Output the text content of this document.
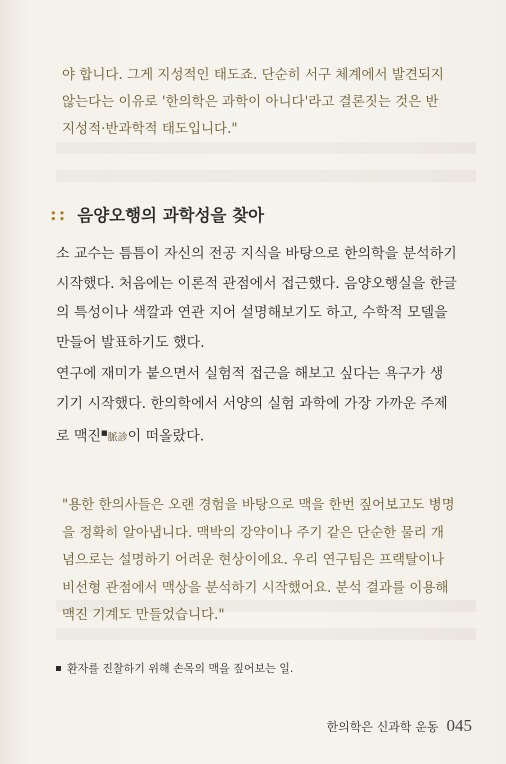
야 합니다. 그게 지성적인 태도죠. 단순히 서구 체계에서 발견되지
않는다는 이유로 '한의학은 과학이 아니다'라고 결론짓는 것은 반
지성적·반과학적 태도입니다."
:: 음양오행의 과학성을 찾아
소 교수는 틈틈이 자신의 전공 지식을 바탕으로 한의학을 분석하기
시작했다. 처음에는 이론적 관점에서 접근했다. 음양오행실을 한글
의 특성이나 색깔과 연관 지어 설명해보기도 하고, 수학적 모델을
만들어 발표하기도 했다.
연구에 재미가 붙으면서 실험적 접근을 해보고 싶다는 욕구가 생
기기 시작했다. 한의학에서 서양의 실험 과학에 가장 가까운 주제
로 맥진■脈診이 떠올랐다.
"용한 한의사들은 오랜 경험을 바탕으로 맥을 한번 짚어보고도 병명
을 정확히 알아냅니다. 맥박의 강약이나 주기 같은 단순한 물리 개
념으로는 설명하기 어려운 현상이에요. 우리 연구팀은 프랙탈이나
비선형 관점에서 맥상을 분석하기 시작했어요. 분석 결과를 이용해
맥진 기계도 만들었습니다."
환자를 진찰하기 위해 손목의 맥을 짚어보는 일.
한의학은 신과학 운동 045
